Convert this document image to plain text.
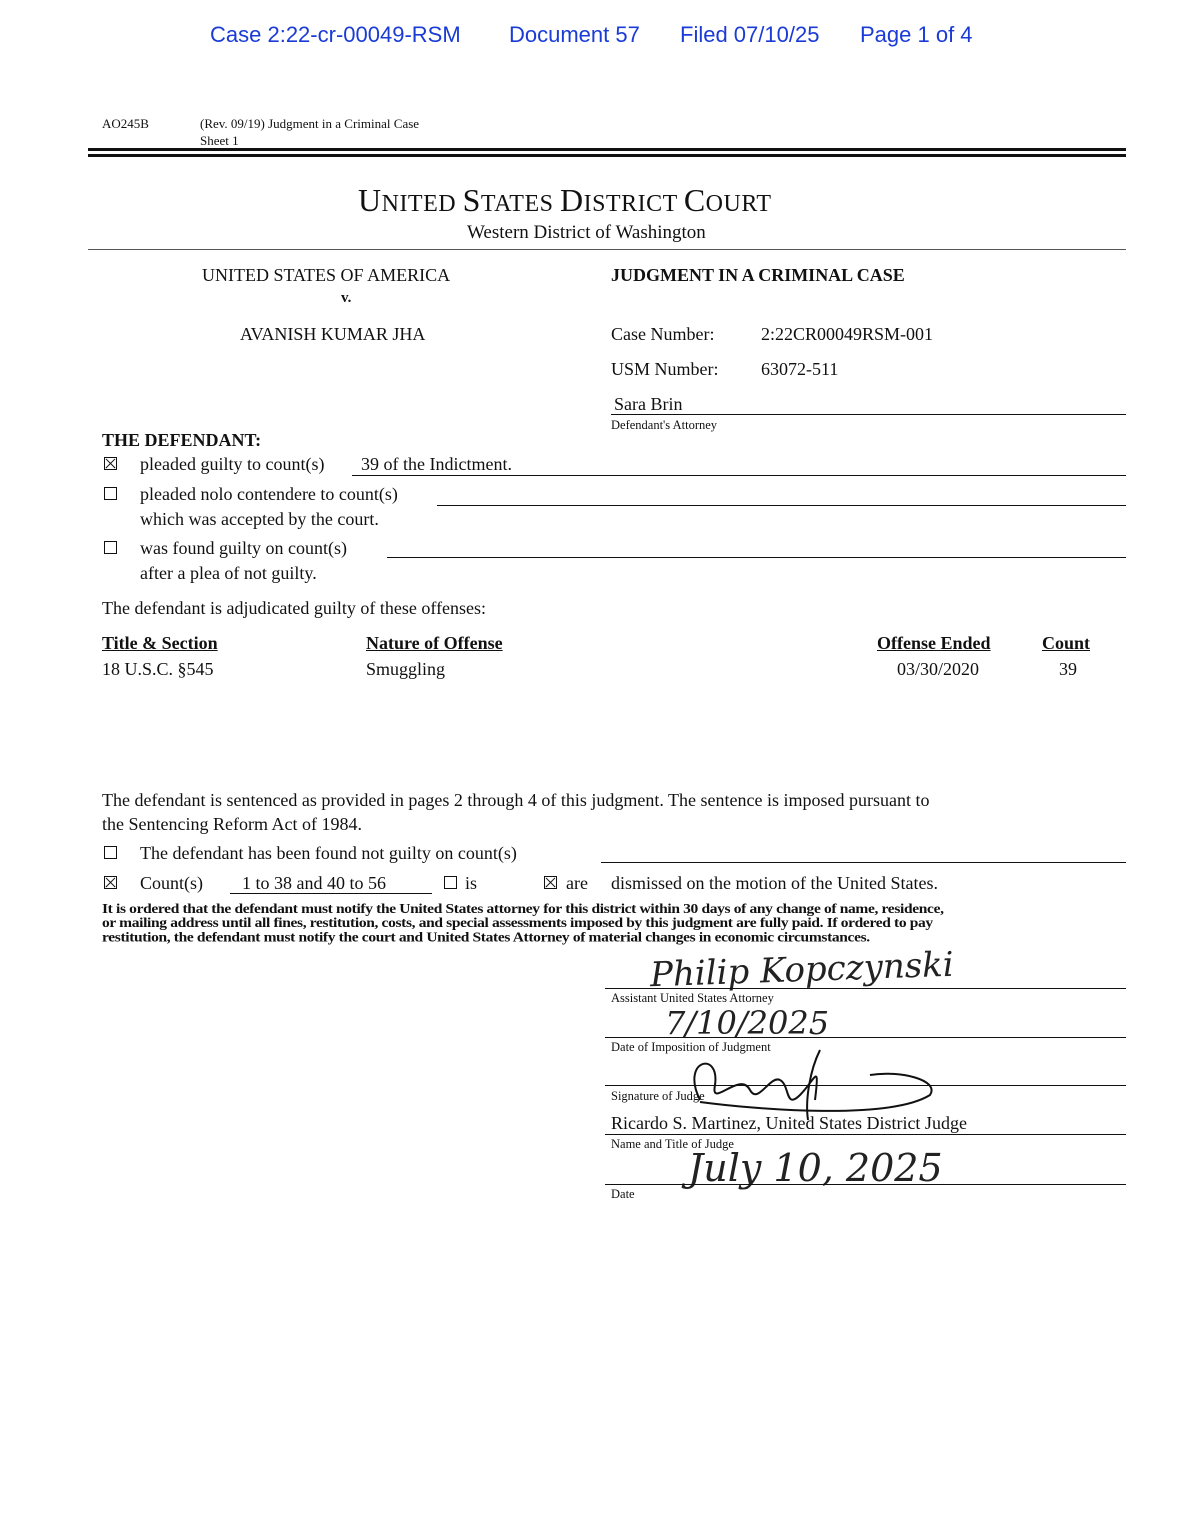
Case 2:22-cr-00049-RSM Document 57 Filed 07/10/25 Page 1 of 4
AO245B	(Rev. 09/19) Judgment in a Criminal Case
Sheet 1
UNITED STATES DISTRICT COURT
Western District of Washington
UNITED STATES OF AMERICA
v.
AVANISH KUMAR JHA
JUDGMENT IN A CRIMINAL CASE
Case Number:	2:22CR00049RSM-001
USM Number: 63072-511
Sara Brin
Defendant's Attorney
THE DEFENDANT:
pleaded guilty to count(s) 39 of the Indictment.
pleaded nolo contendere to count(s)
which was accepted by the court.
was found guilty on count(s)
after a plea of not guilty.
The defendant is adjudicated guilty of these offenses:
Title & Section	Nature of Offense	Offense Ended	Count
18 U.S.C. §545	Smuggling	03/30/2020	39
The defendant is sentenced as provided in pages 2 through 4 of this judgment. The sentence is imposed pursuant to
the Sentencing Reform Act of 1984.
The defendant has been found not guilty on count(s)
Count(s) 1 to 38 and 40 to 56	is	are dismissed on the motion of the United States.
It is ordered that the defendant must notify the United States attorney for this district within 30 days of any change of name, residence,
or mailing address until all fines, restitution, costs, and special assessments imposed by this judgment are fully paid. If ordered to pay
restitution, the defendant must notify the court and United States Attorney of material changes in economic circumstances.
Philip Kopczynski
Assistant United States Attorney
7/10/2025
Date of Imposition of Judgment
Signature of Judge
Ricardo S. Martinez, United States District Judge
Name and Title of Judge
July 10, 2025
Date
